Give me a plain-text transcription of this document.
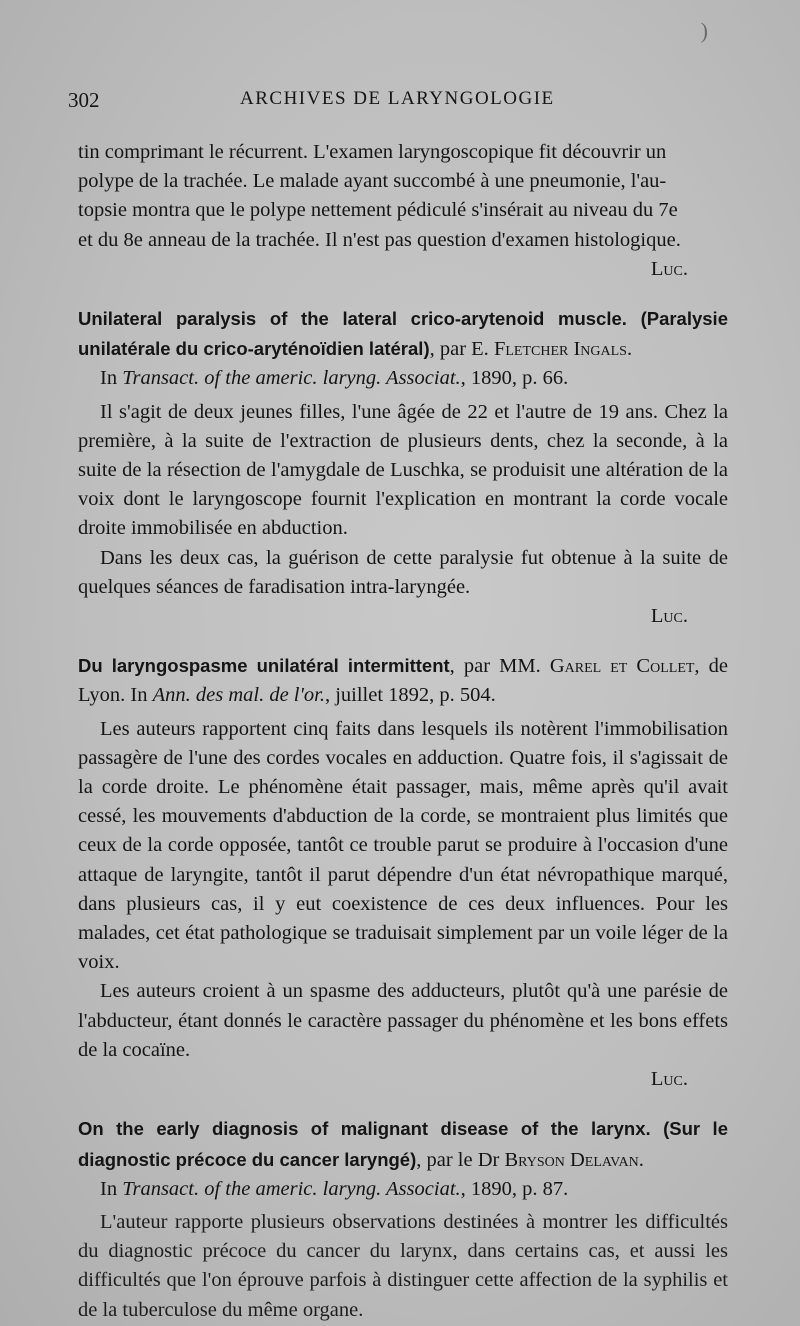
)
302	ARCHIVES DE LARYNGOLOGIE

tin comprimant le récurrent. L'examen laryngoscopique fit découvrir un

polype de la trachée. Le malade ayant succombé à une pneumonie, l'au-

topsie montra que le polype nettement pédiculé s'insérait au niveau du 7e

et du 8e anneau de la trachée. Il n'est pas question d'examen histologique.

Luc.

Unilateral paralysis of the lateral crico-arytenoid muscle. (Paralysie unilatérale du crico-aryténoïdien latéral), par E. Fletcher Ingals.

In Transact. of the americ. laryng. Associat., 1890, p. 66.

Il s'agit de deux jeunes filles, l'une âgée de 22 et l'autre de 19 ans. Chez la première, à la suite de l'extraction de plusieurs dents, chez la seconde, à la suite de la résection de l'amygdale de Luschka, se produisit une altération de la voix dont le laryngoscope fournit l'explication en montrant la corde vocale droite immobilisée en abduction.

Dans les deux cas, la guérison de cette paralysie fut obtenue à la suite de quelques séances de faradisation intra-laryngée.

Luc.

Du laryngospasme unilatéral intermittent, par MM. Garel et Collet, de Lyon. In Ann. des mal. de l'or., juillet 1892, p. 504.

Les auteurs rapportent cinq faits dans lesquels ils notèrent l'immobilisation passagère de l'une des cordes vocales en adduction. Quatre fois, il s'agissait de la corde droite. Le phénomène était passager, mais, même après qu'il avait cessé, les mouvements d'abduction de la corde, se montraient plus limités que ceux de la corde opposée, tantôt ce trouble parut se produire à l'occasion d'une attaque de laryngite, tantôt il parut dépendre d'un état névropathique marqué, dans plusieurs cas, il y eut coexistence de ces deux influences. Pour les malades, cet état pathologique se traduisait simplement par un voile léger de la voix.

Les auteurs croient à un spasme des adducteurs, plutôt qu'à une parésie de l'abducteur, étant donnés le caractère passager du phénomène et les bons effets de la cocaïne.

Luc.

On the early diagnosis of malignant disease of the larynx. (Sur le diagnostic précoce du cancer laryngé), par le Dr Bryson Delavan.

In Transact. of the americ. laryng. Associat., 1890, p. 87.

L'auteur rapporte plusieurs observations destinées à montrer les difficultés du diagnostic précoce du cancer du larynx, dans certains cas, et aussi les difficultés que l'on éprouve parfois à distinguer cette affection de la syphilis et de la tuberculose du même organe.
